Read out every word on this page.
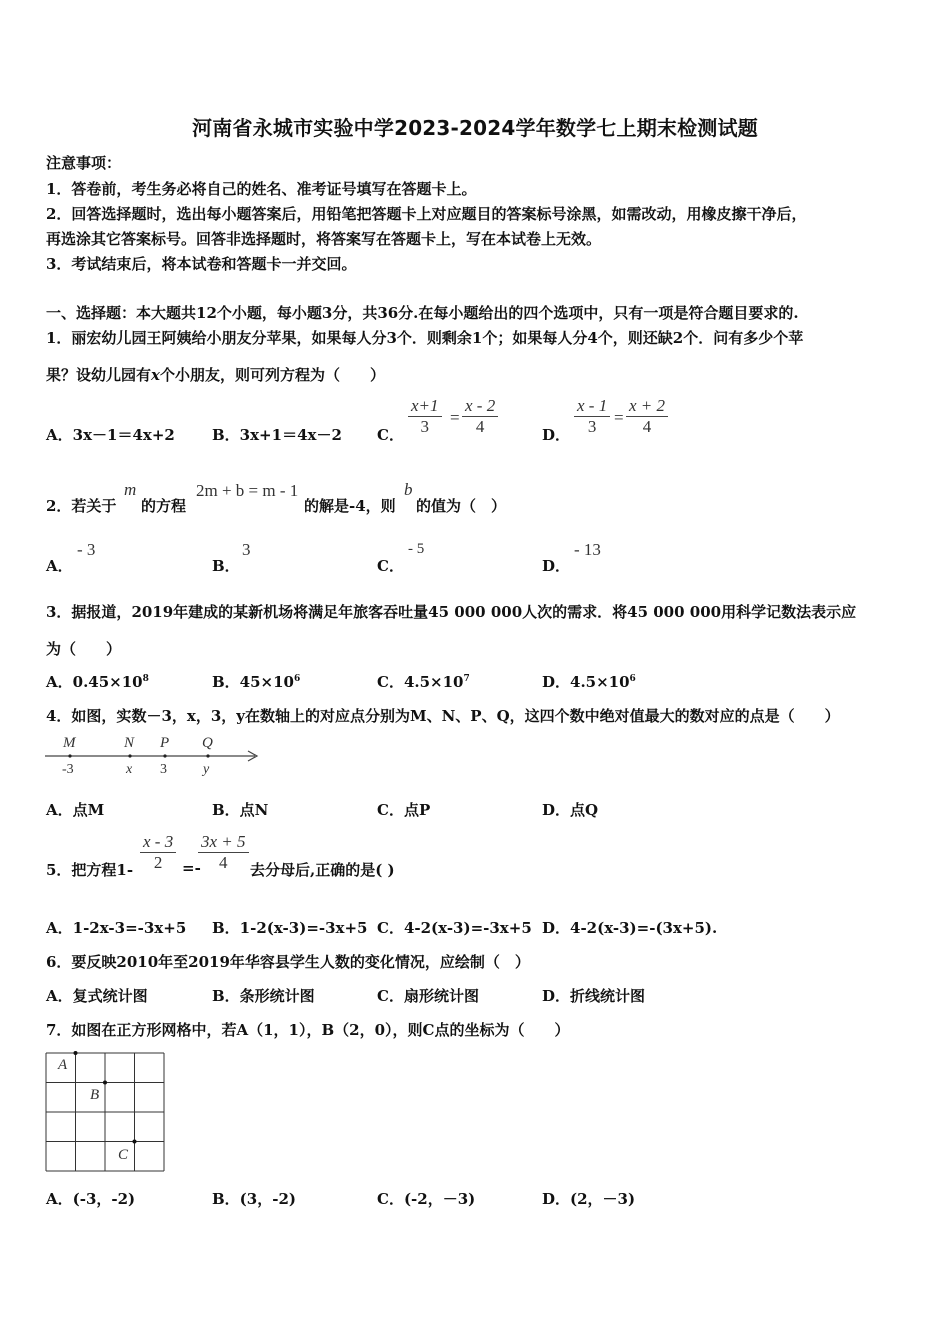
河南省永城市实验中学2023-2024学年数学七上期末检测试题
注意事项：
1．答卷前，考生务必将自己的姓名、准考证号填写在答题卡上。
2．回答选择题时，选出每小题答案后，用铅笔把答题卡上对应题目的答案标号涂黑，如需改动，用橡皮擦干净后，
再选涂其它答案标号。回答非选择题时，将答案写在答题卡上，写在本试卷上无效。
3．考试结束后，将本试卷和答题卡一并交回。
一、选择题：本大题共12个小题，每小题3分，共36分.在每小题给出的四个选项中，只有一项是符合题目要求的.
1．丽宏幼儿园王阿姨给小朋友分苹果，如果每人分3个．则剩余1个；如果每人分4个，则还缺2个．问有多少个苹
果？设幼儿园有x个小朋友，则可列方程为（　　）
A．3x－1＝4x+2 B．3x+1＝4x－2 C． $\frac{x+1}{3} = \frac{x - 2}{4}$	D． $\frac{x - 1}{3} = \frac{x + 2}{4}$
2．若关于
m
的方程
2m + b = m - 1
的解是-4，则
b
的值为（　）
A．
- 3
B．
3
C．
- 5
D．
- 13
3．据报道，2019年建成的某新机场将满足年旅客吞吐量45 000 000人次的需求．将45 000 000用科学记数法表示应
为（　　）
A．$0.45\times 10^8$	B．$45\times 10^6$	C．$4.5\times 10^7$	D．$4.5\times 10^6$
4．如图，实数－3，x，3，y在数轴上的对应点分别为M、N、P、Q，这四个数中绝对值最大的数对应的点是（　　）
M	N P Q
-3	x 3	y
A．点M	B．点N	C．点P	D．点Q
5．把方程$1- \frac{x - 3}{2}$ =-
$\frac{3x + 5}{4}$ 去分母后,正确的是( )
A．1-2x-3=-3x+5 B．1-2(x-3)=-3x+5 C．4-2(x-3)=-3x+5 D．4-2(x-3)=-(3x+5).
6．要反映2010年至2019年华容县学生人数的变化情况，应绘制（　）
A．复式统计图	B．条形统计图	C．扇形统计图	D．折线统计图
7．如图在正方形网格中，若A（1，1），B（2，0），则C点的坐标为（　　）
A
B
C
A．(-3，-2)	B．(3，-2)	C．(-2，－3)	D．(2，－3)
